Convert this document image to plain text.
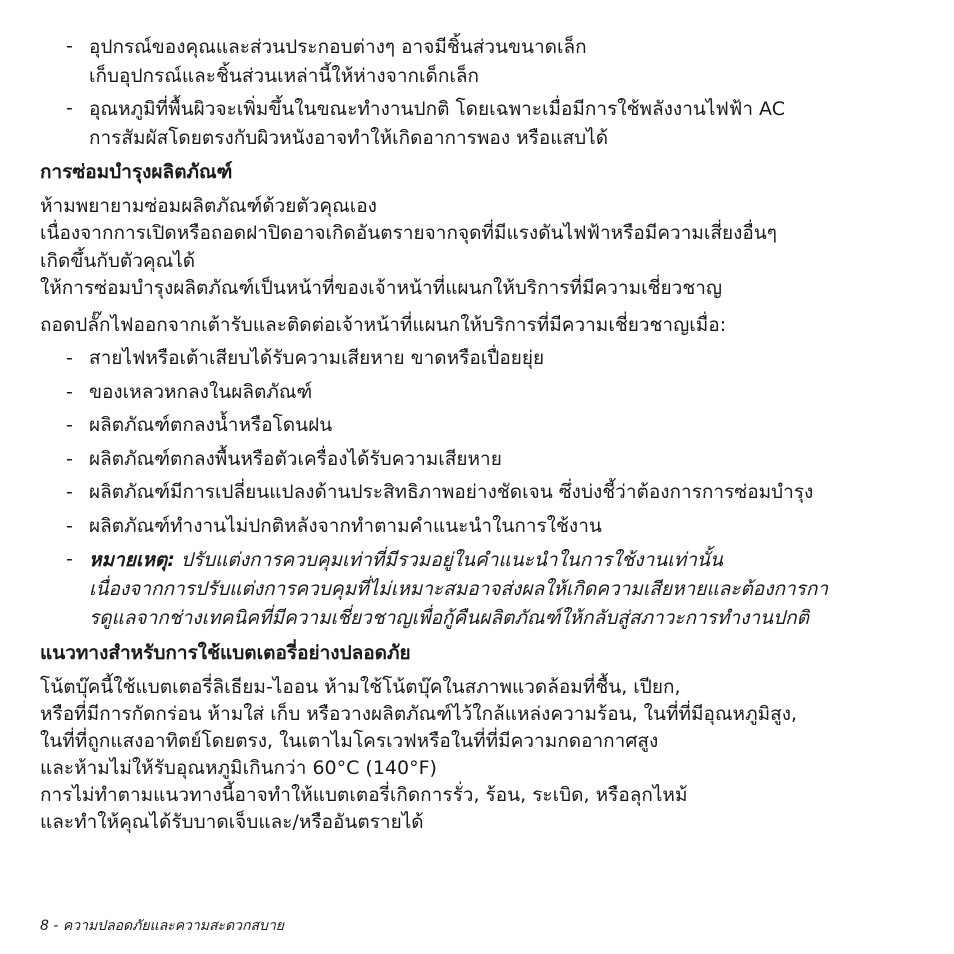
- อุปกรณ์ของคุณและส่วนประกอบต่างๆ อาจมีชิ้นส่วนขนาดเล็ก
เก็บอุปกรณ์และชิ้นส่วนเหล่านี้ให้ห่างจากเด็กเล็ก
- อุณหภูมิที่พื้นผิวจะเพิ่มขึ้นในขณะทำงานปกติ โดยเฉพาะเมื่อมีการใช้พลังงานไฟฟ้า AC
การสัมผัสโดยตรงกับผิวหนังอาจทำให้เกิดอาการพอง หรือแสบได้
การซ่อมบำรุงผลิตภัณฑ์
ห้ามพยายามซ่อมผลิตภัณฑ์ด้วยตัวคุณเอง
เนื่องจากการเปิดหรือถอดฝาปิดอาจเกิดอันตรายจากจุดที่มีแรงดันไฟฟ้าหรือมีความเสี่ยงอื่นๆ
เกิดขึ้นกับตัวคุณได้
ให้การซ่อมบำรุงผลิตภัณฑ์เป็นหน้าที่ของเจ้าหน้าที่แผนกให้บริการที่มีความเชี่ยวชาญ
ถอดปลั๊กไฟออกจากเต้ารับและติดต่อเจ้าหน้าที่แผนกให้บริการที่มีความเชี่ยวชาญเมื่อ:
- สายไฟหรือเต้าเสียบได้รับความเสียหาย ขาดหรือเปื่อยยุ่ย
- ของเหลวหกลงในผลิตภัณฑ์
- ผลิตภัณฑ์ตกลงน้ำหรือโดนฝน
- ผลิตภัณฑ์ตกลงพื้นหรือตัวเครื่องได้รับความเสียหาย
- ผลิตภัณฑ์มีการเปลี่ยนแปลงด้านประสิทธิภาพอย่างชัดเจน ซึ่งบ่งชี้ว่าต้องการการซ่อมบำรุง
- ผลิตภัณฑ์ทำงานไม่ปกติหลังจากทำตามคำแนะนำในการใช้งาน
- หมายเหตุ: ปรับแต่งการควบคุมเท่าที่มีรวมอยู่ในคำแนะนำในการใช้งานเท่านั้น
เนื่องจากการปรับแต่งการควบคุมที่ไม่เหมาะสมอาจส่งผลให้เกิดความเสียหายและต้องการกา
รดูแลจากช่างเทคนิคที่มีความเชี่ยวชาญเพื่อกู้คืนผลิตภัณฑ์ให้กลับสู่สภาวะการทำงานปกติ
แนวทางสำหรับการใช้แบตเตอรี่อย่างปลอดภัย
โน้ตบุ๊คนี้ใช้แบตเตอรี่ลิเธียม-ไออน ห้ามใช้โน้ตบุ๊คในสภาพแวดล้อมที่ชื้น, เปียก,
หรือที่มีการกัดกร่อน ห้ามใส่ เก็บ หรือวางผลิตภัณฑ์ไว้ใกล้แหล่งความร้อน, ในที่ที่มีอุณหภูมิสูง,
ในที่ที่ถูกแสงอาทิตย์โดยตรง, ในเตาไมโครเวฟหรือในที่ที่มีความกดอากาศสูง
และห้ามไม่ให้รับอุณหภูมิเกินกว่า 60°C (140°F)
การไม่ทำตามแนวทางนี้อาจทำให้แบตเตอรี่เกิดการรั่ว, ร้อน, ระเบิด, หรือลุกไหม้
และทำให้คุณได้รับบาดเจ็บและ/หรืออันตรายได้
8 - ความปลอดภัยและความสะดวกสบาย
